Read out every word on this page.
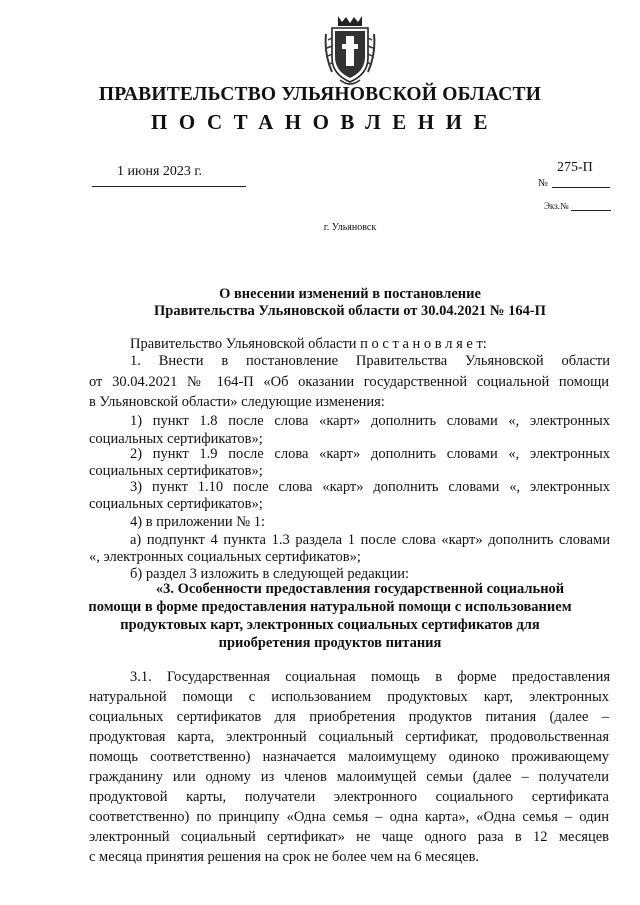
ПРАВИТЕЛЬСТВО УЛЬЯНОВСКОЙ ОБЛАСТИ
ПОСТАНОВЛЕНИЕ
1 июня 2023 г.	275-П
№
Экз.№
г. Ульяновск
О внесении изменений в постановление
Правительства Ульяновской области от 30.04.2021 № 164-П
Правительство Ульяновской области п о с т а н о в л я е т:
1. Внести в постановление Правительства Ульяновской области
от 30.04.2021 № 164-П «Об оказании государственной социальной помощи
в Ульяновской области» следующие изменения:
1) пункт 1.8 после слова «карт» дополнить словами «, электронных
социальных сертификатов»;
2) пункт 1.9 после слова «карт» дополнить словами «, электронных
социальных сертификатов»;
3) пункт 1.10 после слова «карт» дополнить словами «, электронных
социальных сертификатов»;
4) в приложении № 1:
а) подпункт 4 пункта 1.3 раздела 1 после слова «карт» дополнить словами
«, электронных социальных сертификатов»;
б) раздел 3 изложить в следующей редакции:
«3. Особенности предоставления государственной социальной
помощи в форме предоставления натуральной помощи с использованием
продуктовых карт, электронных социальных сертификатов для
приобретения продуктов питания
3.1. Государственная социальная помощь в форме предоставления
натуральной помощи с использованием продуктовых карт, электронных
социальных сертификатов для приобретения продуктов питания (далее –
продуктовая карта, электронный социальный сертификат, продовольственная
помощь соответственно) назначается малоимущему одиноко проживающему
гражданину или одному из членов малоимущей семьи (далее – получатели
продуктовой карты, получатели электронного социального сертификата
соответственно) по принципу «Одна семья – одна карта», «Одна семья – один
электронный социальный сертификат» не чаще одного раза в 12 месяцев
с месяца принятия решения на срок не более чем на 6 месяцев.
